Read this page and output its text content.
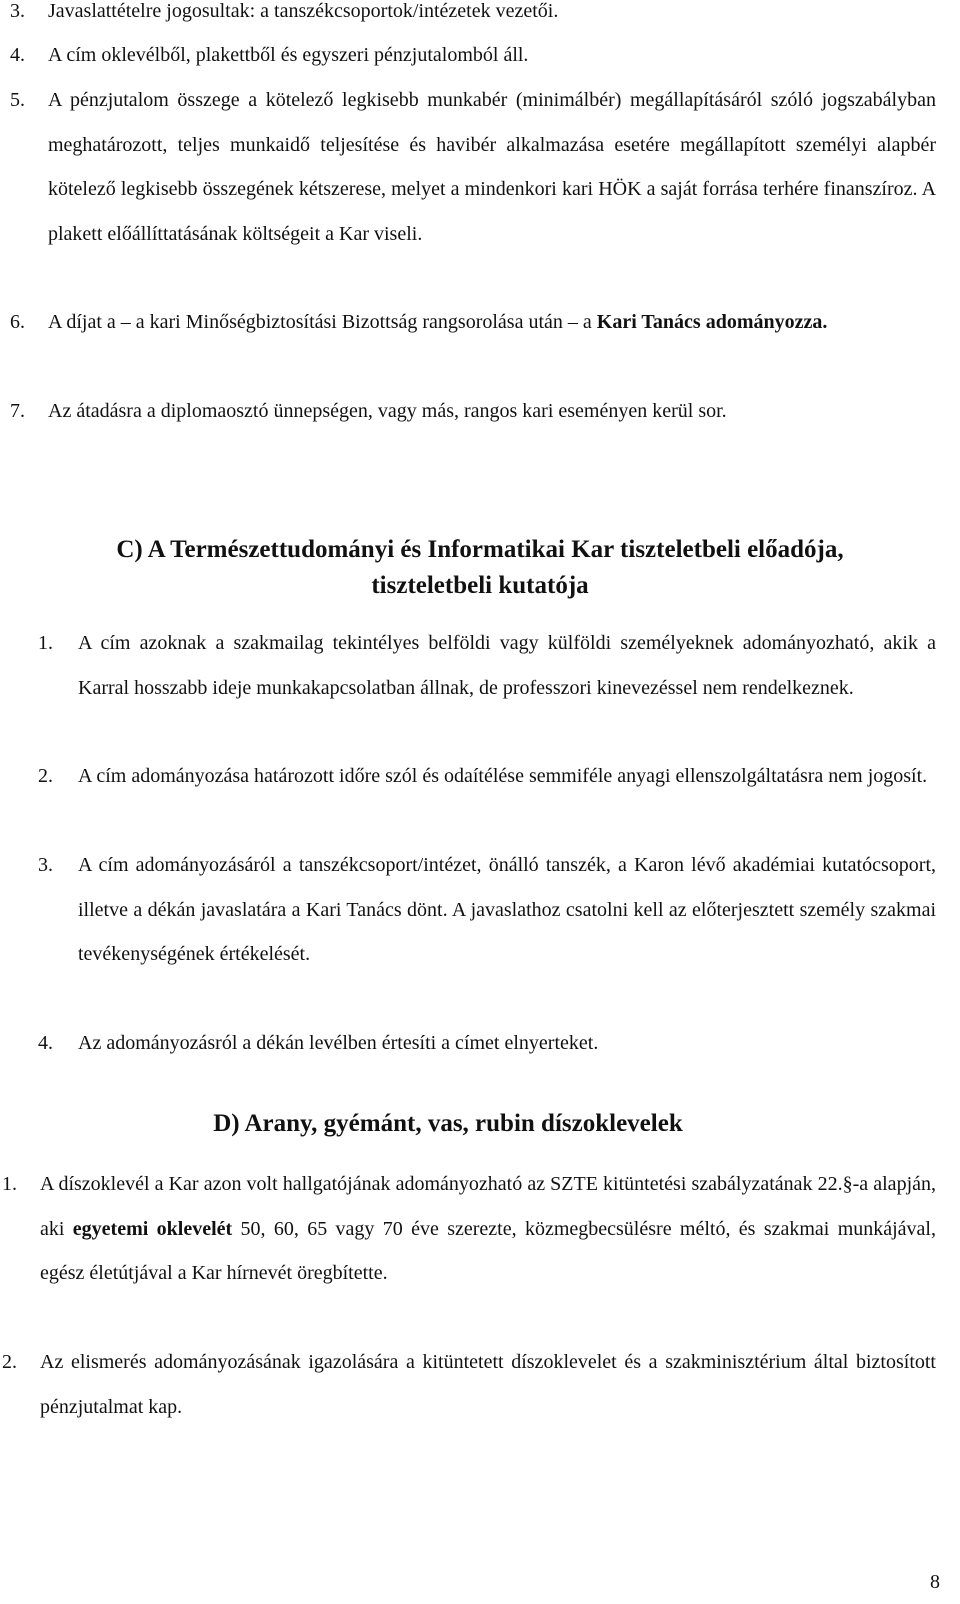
3.	Javaslattételre jogosultak: a tanszékcsoportok/intézetek vezetői.
4.	A cím oklevélből, plakettből és egyszeri pénzjutalomból áll.
5. A pénzjutalom összege a kötelező legkisebb munkabér (minimálbér) megállapításáról szóló jogszabályban meghatározott, teljes munkaidő teljesítése és havibér alkalmazása esetére megállapított személyi alapbér kötelező legkisebb összegének kétszerese, melyet a mindenkori kari HÖK a saját forrása terhére finanszíroz. A plakett előállíttatásának költségeit a Kar viseli.
6.	A díjat a – a kari Minőségbiztosítási Bizottság rangsorolása után – a Kari Tanács adományozza.
7.	Az átadásra a diplomaosztó ünnepségen, vagy más, rangos kari eseményen kerül sor.
C) A Természettudományi és Informatikai Kar tiszteletbeli előadója,
tiszteletbeli kutatója
1.	A cím azoknak a szakmailag tekintélyes belföldi vagy külföldi személyeknek adományozható, akik a Karral hosszabb ideje munkakapcsolatban állnak, de professzori kinevezéssel nem rendelkeznek.
2.	A cím adományozása határozott időre szól és odaítélése semmiféle anyagi ellenszolgáltatásra nem jogosít.
3.	A cím adományozásáról a tanszékcsoport/intézet, önálló tanszék, a Karon lévő akadémiai kutatócsoport, illetve a dékán javaslatára a Kari Tanács dönt. A javaslathoz csatolni kell az előterjesztett személy szakmai tevékenységének értékelését.
4.	Az adományozásról a dékán levélben értesíti a címet elnyerteket.
D) Arany, gyémánt, vas, rubin díszoklevelek
1.	A díszoklevél a Kar azon volt hallgatójának adományozható az SZTE kitüntetési szabályzatának 22.§-a alapján, aki egyetemi oklevelét 50, 60, 65 vagy 70 éve szerezte, közmegbecsülésre méltó, és szakmai munkájával, egész életútjával a Kar hírnevét öregbítette.
2.	Az elismerés adományozásának igazolására a kitüntetett díszoklevelet és a szakminisztérium által biztosított pénzjutalmat kap.
8
